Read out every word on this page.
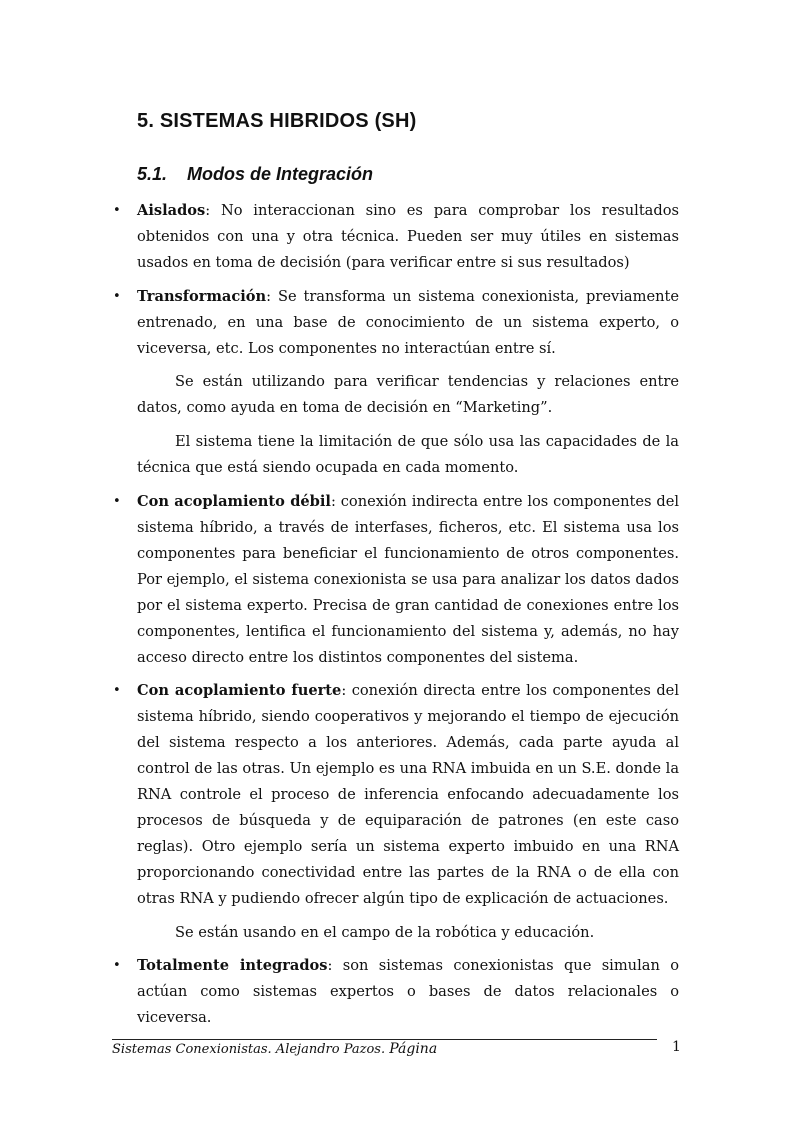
5. SISTEMAS HIBRIDOS (SH)
5.1. Modos de Integración
• Aislados: No interaccionan sino es para comprobar los resultados obtenidos con una y otra técnica. Pueden ser muy útiles en sistemas usados en toma de decisión (para verificar entre si sus resultados)
• Transformación: Se transforma un sistema conexionista, previamente entrenado, en una base de conocimiento de un sistema experto, o viceversa, etc. Los componentes no interactúan entre sí.

Se están utilizando para verificar tendencias y relaciones entre datos, como ayuda en toma de decisión en “Marketing”.

El sistema tiene la limitación de que sólo usa las capacidades de la técnica que está siendo ocupada en cada momento.

• Con acoplamiento débil: conexión indirecta entre los componentes del sistema híbrido, a través de interfases, ficheros, etc. El sistema usa los componentes para beneficiar el funcionamiento de otros componentes. Por ejemplo, el sistema conexionista se usa para analizar los datos dados por el sistema experto. Precisa de gran cantidad de conexiones entre los componentes, lentifica el funcionamiento del sistema y, además, no hay acceso directo entre los distintos componentes del sistema.
• Con acoplamiento fuerte: conexión directa entre los componentes del sistema híbrido, siendo cooperativos y mejorando el tiempo de ejecución del sistema respecto a los anteriores. Además, cada parte ayuda al control de las otras. Un ejemplo es una RNA imbuida en un S.E. donde la RNA controle el proceso de inferencia enfocando adecuadamente los procesos de búsqueda y de equiparación de patrones (en este caso reglas). Otro ejemplo sería un sistema experto imbuido en una RNA proporcionando conectividad entre las partes de la RNA o de ella con otras RNA y pudiendo ofrecer algún tipo de explicación de actuaciones.

Se están usando en el campo de la robótica y educación.

• Totalmente integrados: son sistemas conexionistas que simulan o actúan como sistemas expertos o bases de datos relacionales o viceversa.
Sistemas Conexionistas. Alejandro Pazos. Página	1
